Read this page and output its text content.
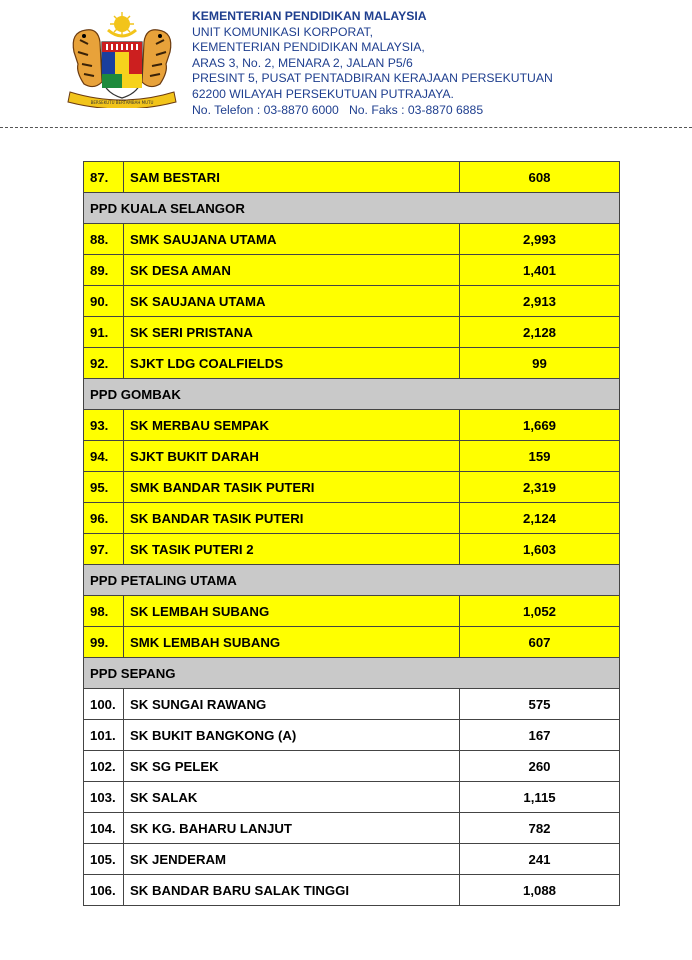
BERSEKUTU BERTAMBAH MUTU
KEMENTERIAN PENDIDIKAN MALAYSIA
UNIT KOMUNIKASI KORPORAT,
KEMENTERIAN PENDIDIKAN MALAYSIA,
ARAS 3, No. 2, MENARA 2, JALAN P5/6
PRESINT 5, PUSAT PENTADBIRAN KERAJAAN PERSEKUTUAN
62200 WILAYAH PERSEKUTUAN PUTRAJAYA.
No. Telefon : 03-8870 6000   No. Faks : 03-8870 6885
87.	SAM BESTARI	608
PPD KUALA SELANGOR		
88.	SMK SAUJANA UTAMA	2,993
89.	SK DESA AMAN	1,401
90.	SK SAUJANA UTAMA	2,913
91.	SK SERI PRISTANA	2,128
92.	SJKT LDG COALFIELDS	99
PPD GOMBAK		
93.	SK MERBAU SEMPAK	1,669
94.	SJKT BUKIT DARAH	159
95.	SMK BANDAR TASIK PUTERI	2,319
96.	SK BANDAR TASIK PUTERI	2,124
97.	SK TASIK PUTERI 2	1,603
PPD PETALING UTAMA		
98.	SK LEMBAH SUBANG	1,052
99.	SMK LEMBAH SUBANG	607
PPD SEPANG		
100.	SK SUNGAI RAWANG	575
101.	SK BUKIT BANGKONG (A)	167
102.	SK SG PELEK	260
103.	SK SALAK	1,115
104.	SK KG. BAHARU LANJUT	782
105.	SK JENDERAM	241
106.	SK BANDAR BARU SALAK TINGGI	1,088
